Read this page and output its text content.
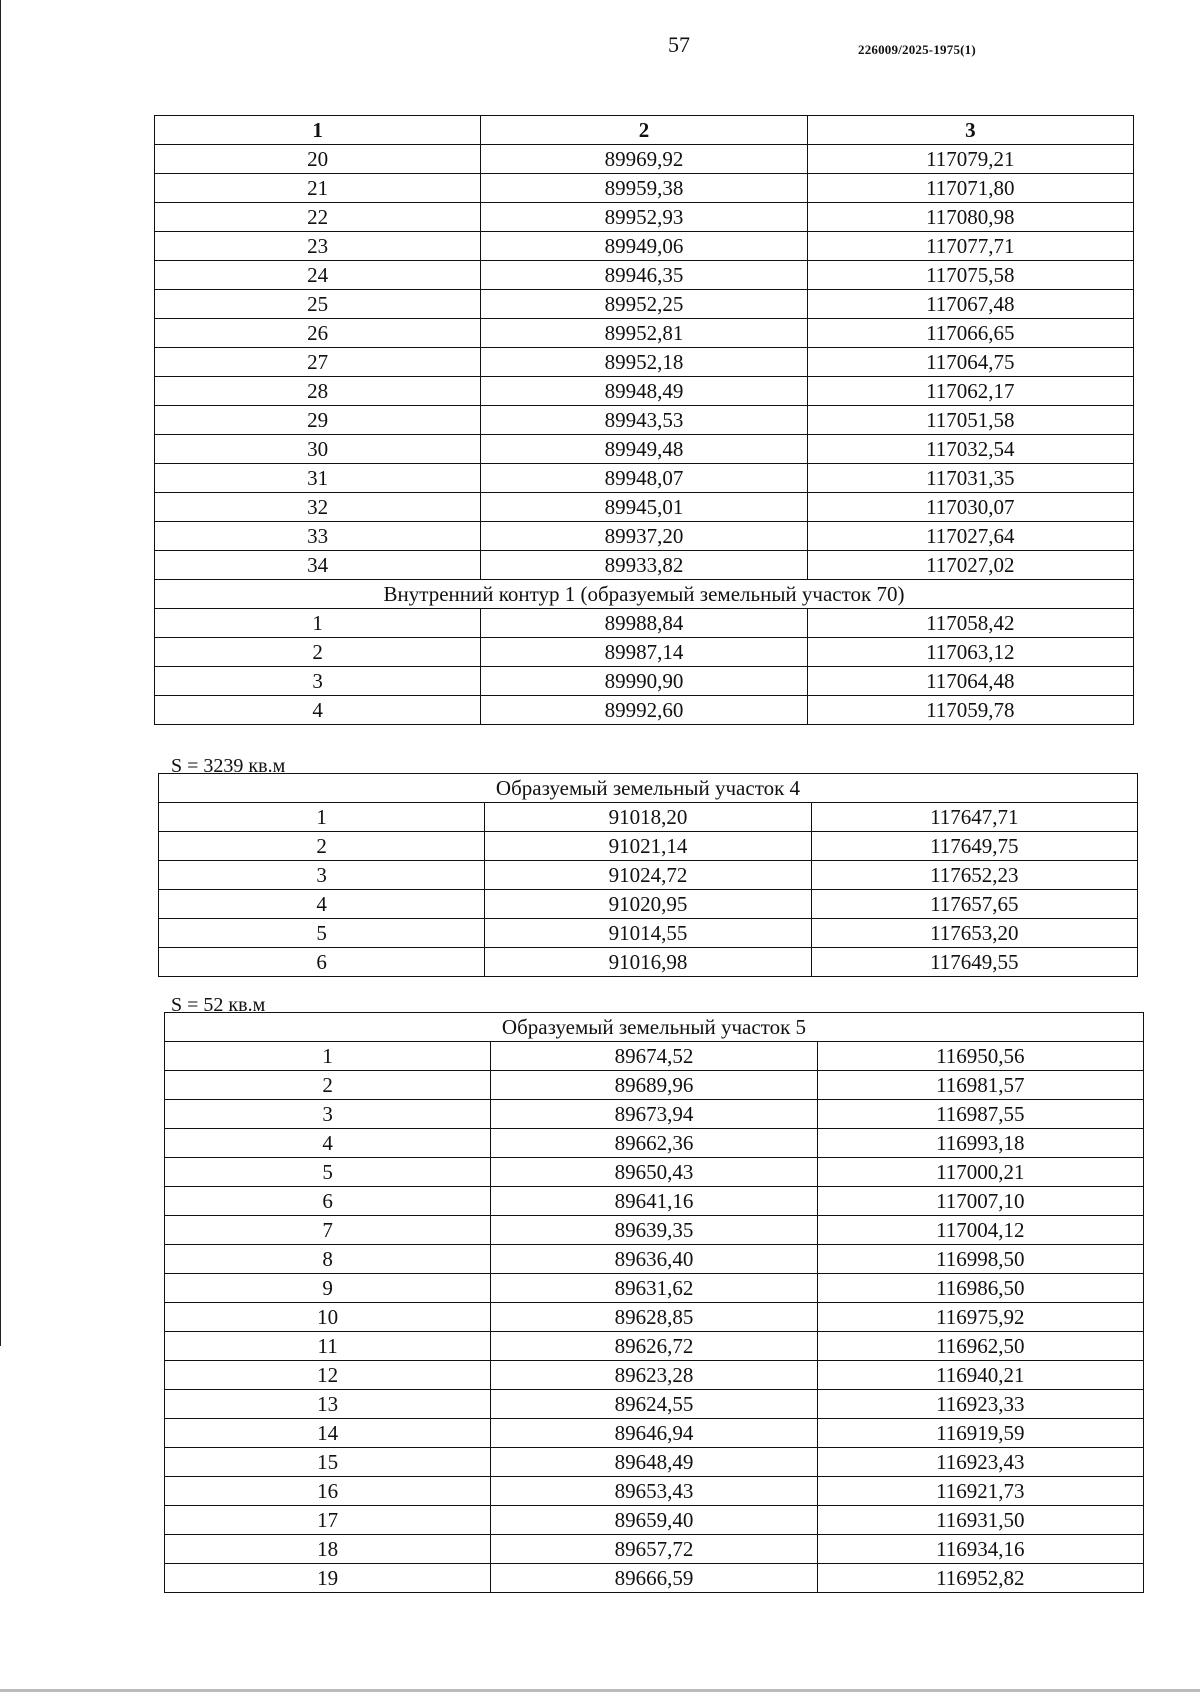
57	226009/2025-1975(1)
1	2	3
20	89969,92	117079,21
21	89959,38	117071,80
22	89952,93	117080,98
23	89949,06	117077,71
24	89946,35	117075,58
25	89952,25	117067,48
26	89952,81	117066,65
27	89952,18	117064,75
28	89948,49	117062,17
29	89943,53	117051,58
30	89949,48	117032,54
31	89948,07	117031,35
32	89945,01	117030,07
33	89937,20	117027,64
34	89933,82	117027,02
Внутренний контур 1 (образуемый земельный участок 70)		
1	89988,84	117058,42
2	89987,14	117063,12
3	89990,90	117064,48
4	89992,60	117059,78
S = 3239 кв.м
Образуемый земельный участок 4		
1	91018,20	117647,71
2	91021,14	117649,75
3	91024,72	117652,23
4	91020,95	117657,65
5	91014,55	117653,20
6	91016,98	117649,55
S = 52 кв.м
Образуемый земельный участок 5		
1	89674,52	116950,56
2	89689,96	116981,57
3	89673,94	116987,55
4	89662,36	116993,18
5	89650,43	117000,21
6	89641,16	117007,10
7	89639,35	117004,12
8	89636,40	116998,50
9	89631,62	116986,50
10	89628,85	116975,92
11	89626,72	116962,50
12	89623,28	116940,21
13	89624,55	116923,33
14	89646,94	116919,59
15	89648,49	116923,43
16	89653,43	116921,73
17	89659,40	116931,50
18	89657,72	116934,16
19	89666,59	116952,82
